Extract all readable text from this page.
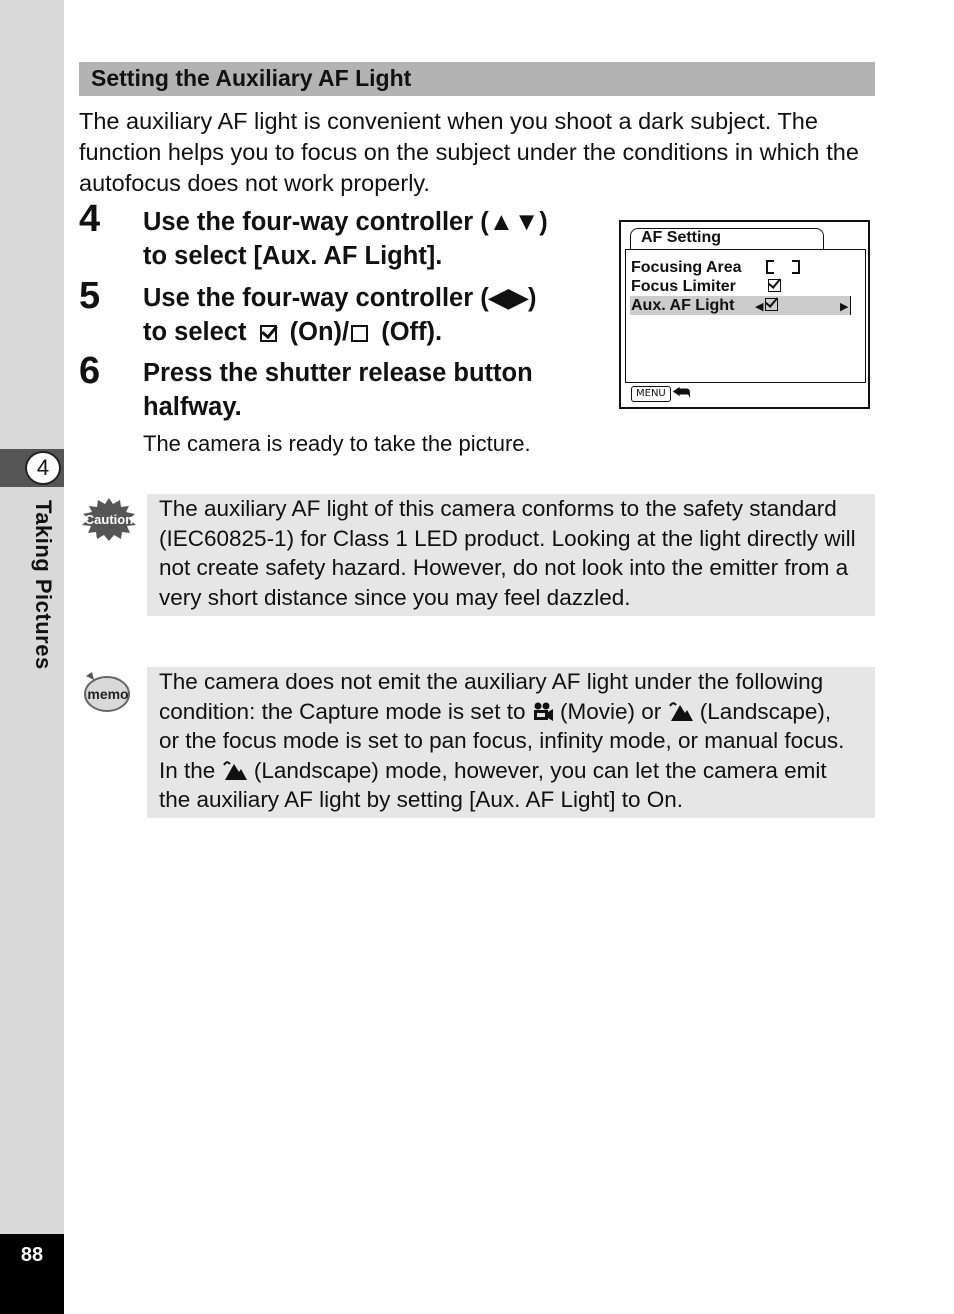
4
Taking Pictures
88
Setting the Auxiliary AF Light
The auxiliary AF light is convenient when you shoot a dark subject. The function helps you to focus on the subject under the conditions in which the autofocus does not work properly.
4 Use the four-way controller (▲▼)
to select [Aux. AF Light].
5 Use the four-way controller (◀▶)
to select (On)/ (Off).
6 Press the shutter release button
halfway.
The camera is ready to take the picture.
AF Setting
Focusing Area
Focus Limiter
Aux. AF Light ◀	▶
MENU ⮪
Caution The auxiliary AF light of this camera conforms to the safety standard (IEC60825-1) for Class 1 LED product. Looking at the light directly will not create safety hazard. However, do not look into the emitter from a very short distance since you may feel dazzled.
memo The camera does not emit the auxiliary AF light under the following
condition: the Capture mode is set to (Movie) or (Landscape),
or the focus mode is set to pan focus, infinity mode, or manual focus.
In the (Landscape) mode, however, you can let the camera emit
the auxiliary AF light by setting [Aux. AF Light] to On.
